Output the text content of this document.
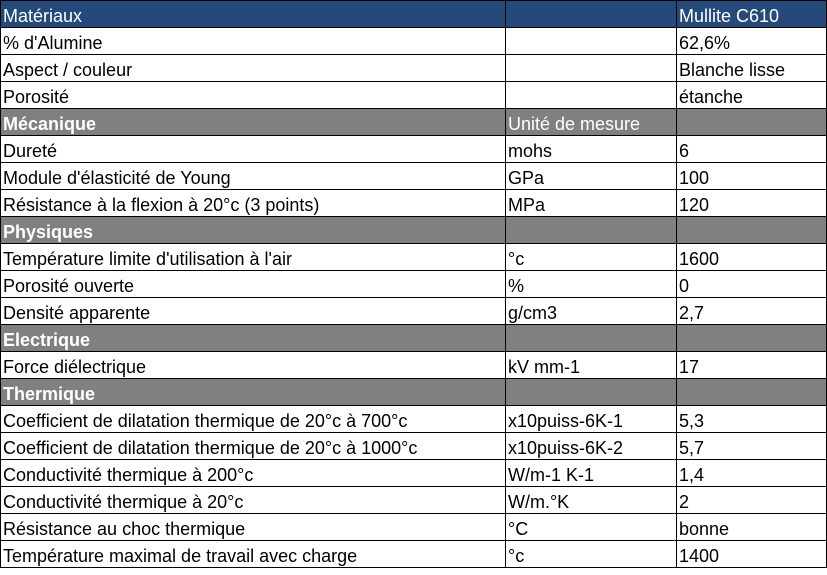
Matériaux		Mullite C610
% d'Alumine		62,6%
Aspect / couleur		Blanche lisse
Porosité		étanche
Mécanique	Unité de mesure	
Dureté	mohs	6
Module d'élasticité de Young	GPa	100
Résistance à la flexion à 20°c (3 points)	MPa	120
Physiques		
Température limite d'utilisation à l'air	°c	1600
Porosité ouverte	%	0
Densité apparente	g/cm3	2,7
Electrique		
Force diélectrique	kV mm-1	17
Thermique		
Coefficient de dilatation thermique de 20°c à 700°c	x10puiss-6K-1	5,3
Coefficient de dilatation thermique de 20°c à 1000°c	x10puiss-6K-2	5,7
Conductivité thermique à 200°c	W/m-1 K-1	1,4
Conductivité thermique à 20°c	W/m.°K	2
Résistance au choc thermique	°C	bonne
Température maximal de travail avec charge	°c	1400
